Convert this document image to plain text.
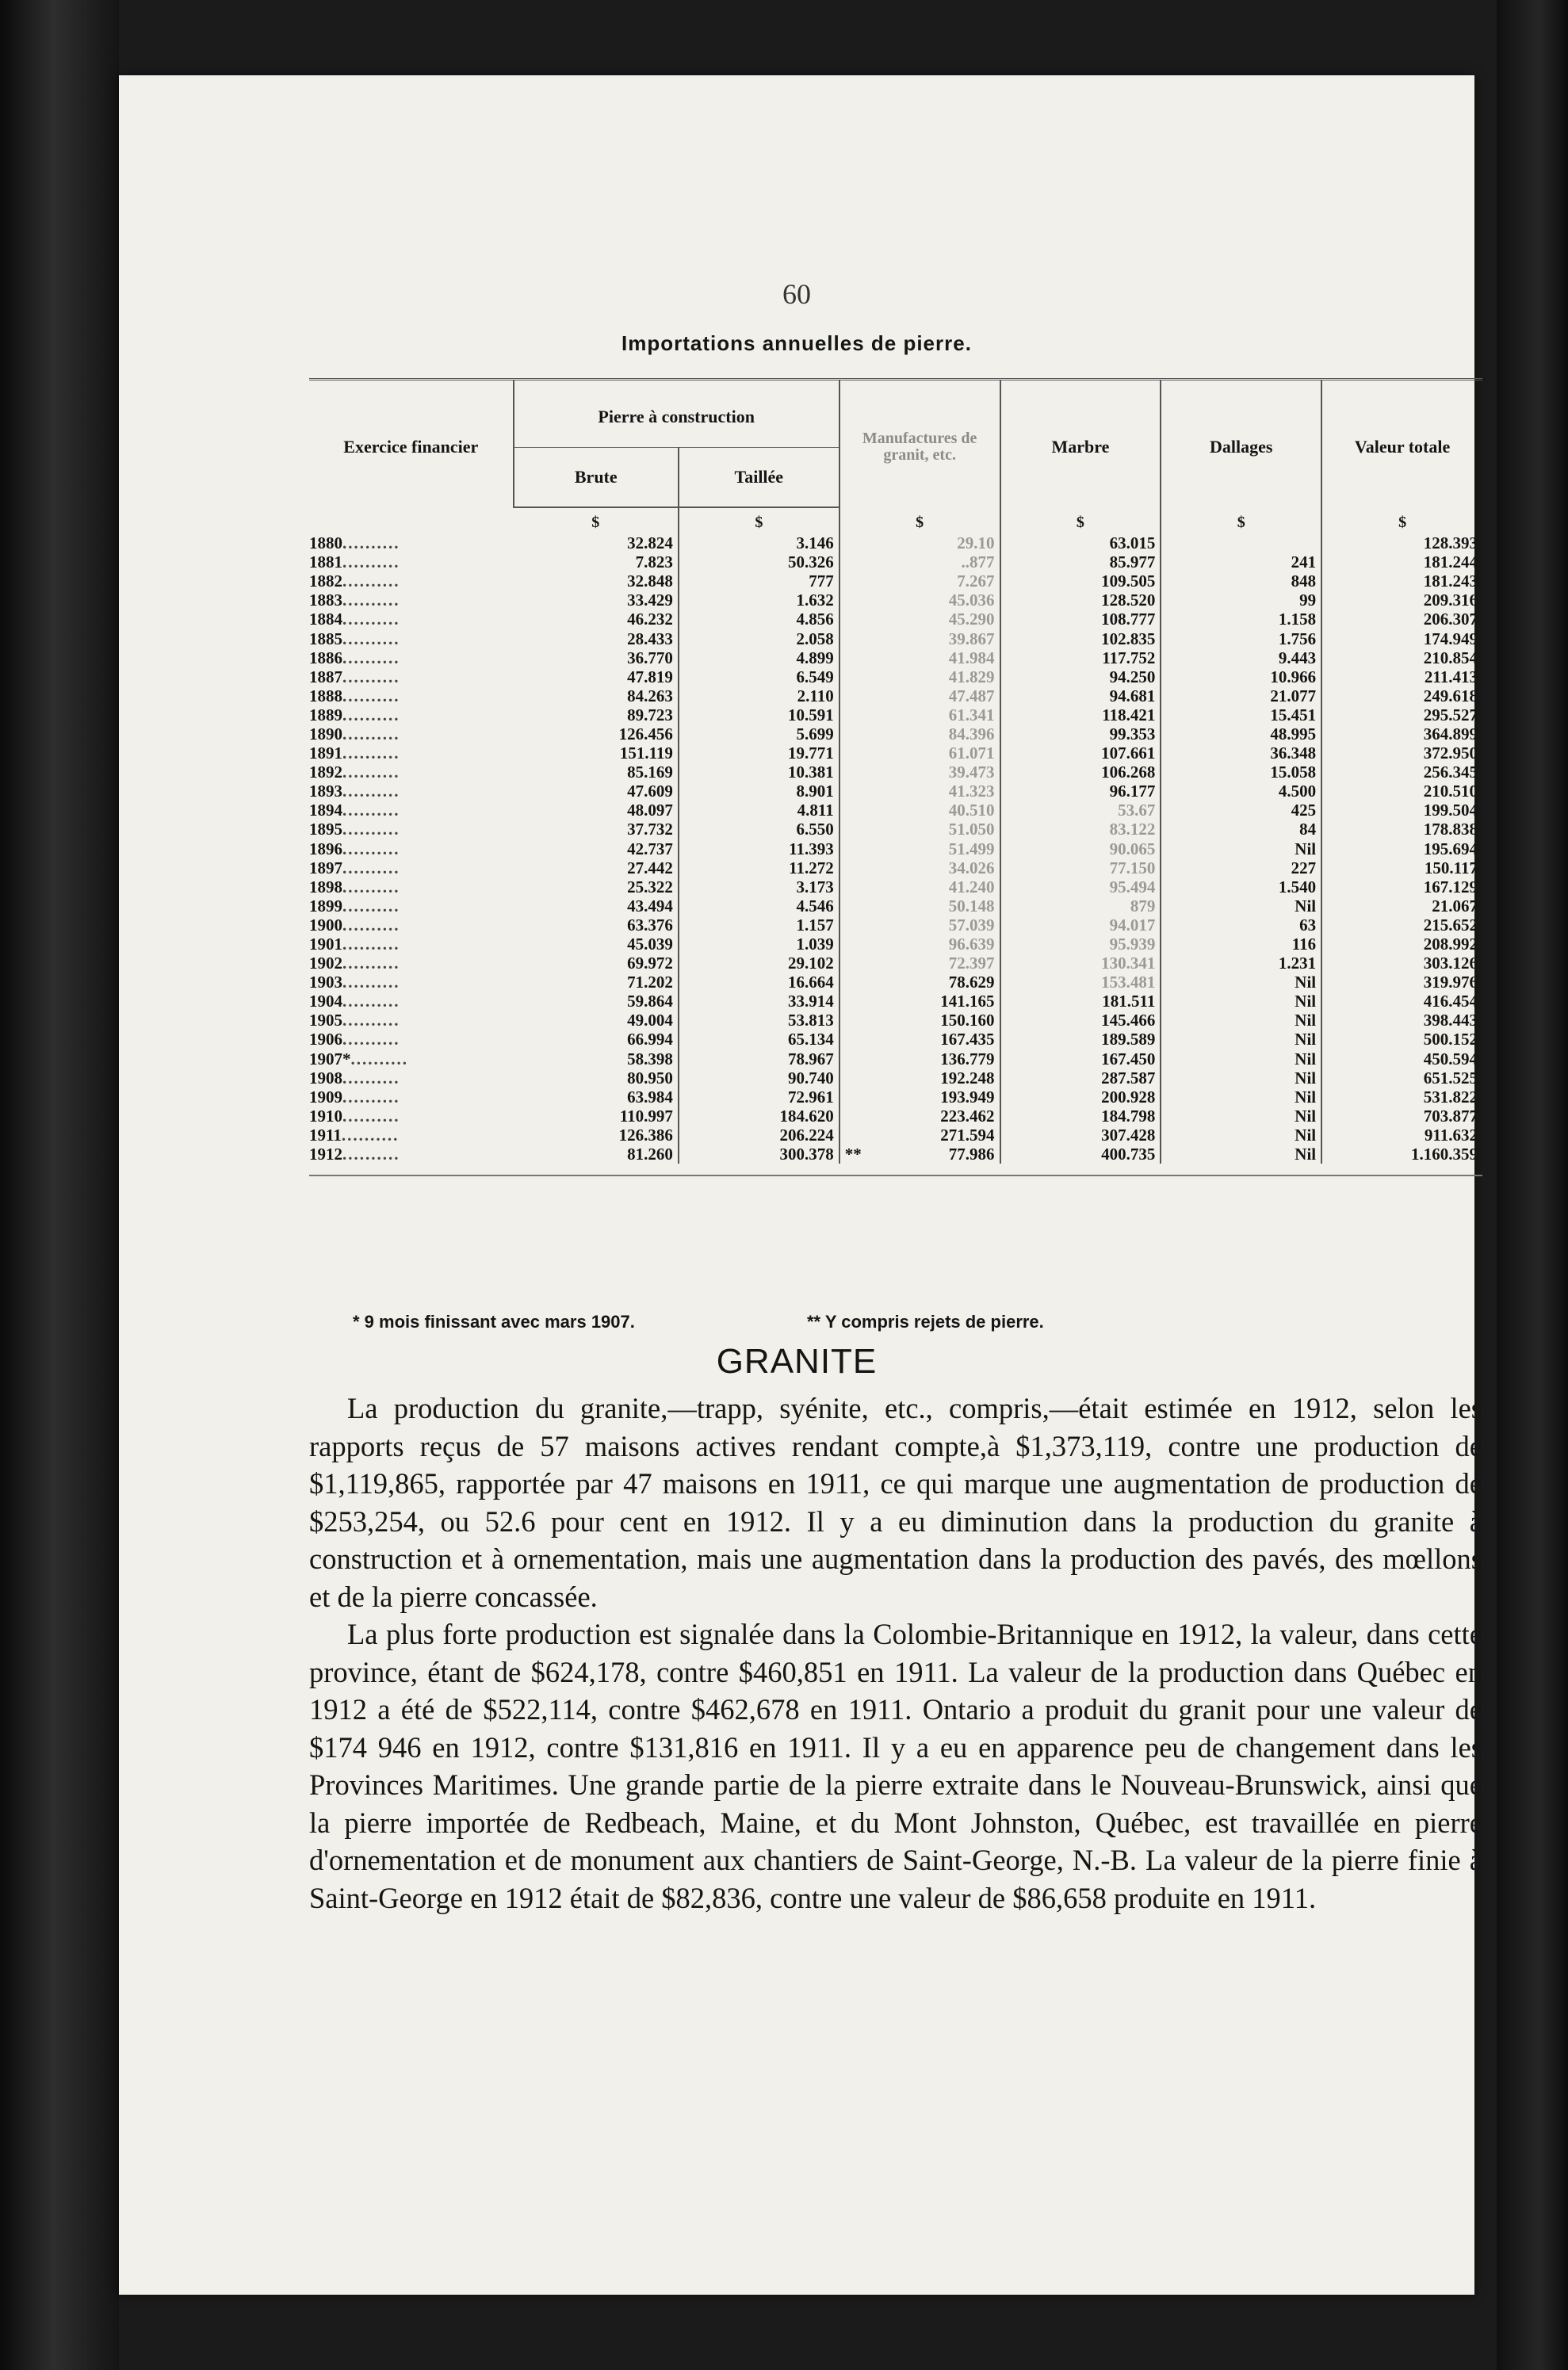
60
Importations annuelles de pierre.
Exercice financier	Pierre à construction		Manufactures de granit, etc.	Marbre	Dallages	Valeur totale
	Brute	Taillée				
	$	$	$	$	$	$
1880..........	32.824	3.146	29.10	63.015		128.393
1881..........	7.823	50.326	..877	85.977	241	181.244
1882..........	32.848	777	7.267	109.505	848	181.243
1883..........	33.429	1.632	45.036	128.520	99	209.316
1884..........	46.232	4.856	45.290	108.777	1.158	206.307
1885..........	28.433	2.058	39.867	102.835	1.756	174.949
1886..........	36.770	4.899	41.984	117.752	9.443	210.854
1887..........	47.819	6.549	41.829	94.250	10.966	211.413
1888..........	84.263	2.110	47.487	94.681	21.077	249.618
1889..........	89.723	10.591	61.341	118.421	15.451	295.527
1890..........	126.456	5.699	84.396	99.353	48.995	364.899
1891..........	151.119	19.771	61.071	107.661	36.348	372.950
1892..........	85.169	10.381	39.473	106.268	15.058	256.345
1893..........	47.609	8.901	41.323	96.177	4.500	210.510
1894..........	48.097	4.811	40.510	53.67	425	199.504
1895..........	37.732	6.550	51.050	83.122	84	178.838
1896..........	42.737	11.393	51.499	90.065	Nil	195.694
1897..........	27.442	11.272	34.026	77.150	227	150.117
1898..........	25.322	3.173	41.240	95.494	1.540	167.129
1899..........	43.494	4.546	50.148	879	Nil	21.067
1900..........	63.376	1.157	57.039	94.017	63	215.652
1901..........	45.039	1.039	96.639	95.939	116	208.992
1902..........	69.972	29.102	72.397	130.341	1.231	303.126
1903..........	71.202	16.664	78.629	153.481	Nil	319.976
1904..........	59.864	33.914	141.165	181.511	Nil	416.454
1905..........	49.004	53.813	150.160	145.466	Nil	398.443
1906..........	66.994	65.134	167.435	189.589	Nil	500.152
1907*..........	58.398	78.967	136.779	167.450	Nil	450.594
1908..........	80.950	90.740	192.248	287.587	Nil	651.525
1909..........	63.984	72.961	193.949	200.928	Nil	531.822
1910..........	110.997	184.620	223.462	184.798	Nil	703.877
1911..........	126.386	206.224	271.594	307.428	Nil	911.632
1912..........	81.260	300.378	** 77.986	400.735	Nil	1.160.359
* 9 mois finissant avec mars 1907.	** Y compris rejets de pierre.
GRANITE

La production du granite,—trapp, syénite, etc., compris,—était estimée en 1912, selon les rapports reçus de 57 maisons actives rendant compte,à $1,373,119, contre une production de $1,119,865, rapportée par 47 maisons en 1911, ce qui marque une augmentation de production de $253,254, ou 52.6 pour cent en 1912. Il y a eu diminution dans la production du granite à construction et à ornementation, mais une augmentation dans la production des pavés, des mœllons et de la pierre concassée.

La plus forte production est signalée dans la Colombie-Britannique en 1912, la valeur, dans cette province, étant de $624,178, contre $460,851 en 1911. La valeur de la production dans Québec en 1912 a été de $522,114, contre $462,678 en 1911. Ontario a produit du granit pour une valeur de $174 946 en 1912, contre $131,816 en 1911. Il y a eu en apparence peu de changement dans les Provinces Maritimes. Une grande partie de la pierre extraite dans le Nouveau-Brunswick, ainsi que la pierre importée de Redbeach, Maine, et du Mont Johnston, Québec, est travaillée en pierre d'ornementation et de monument aux chantiers de Saint-George, N.-B. La valeur de la pierre finie à Saint-George en 1912 était de $82,836, contre une valeur de $86,658 produite en 1911.
